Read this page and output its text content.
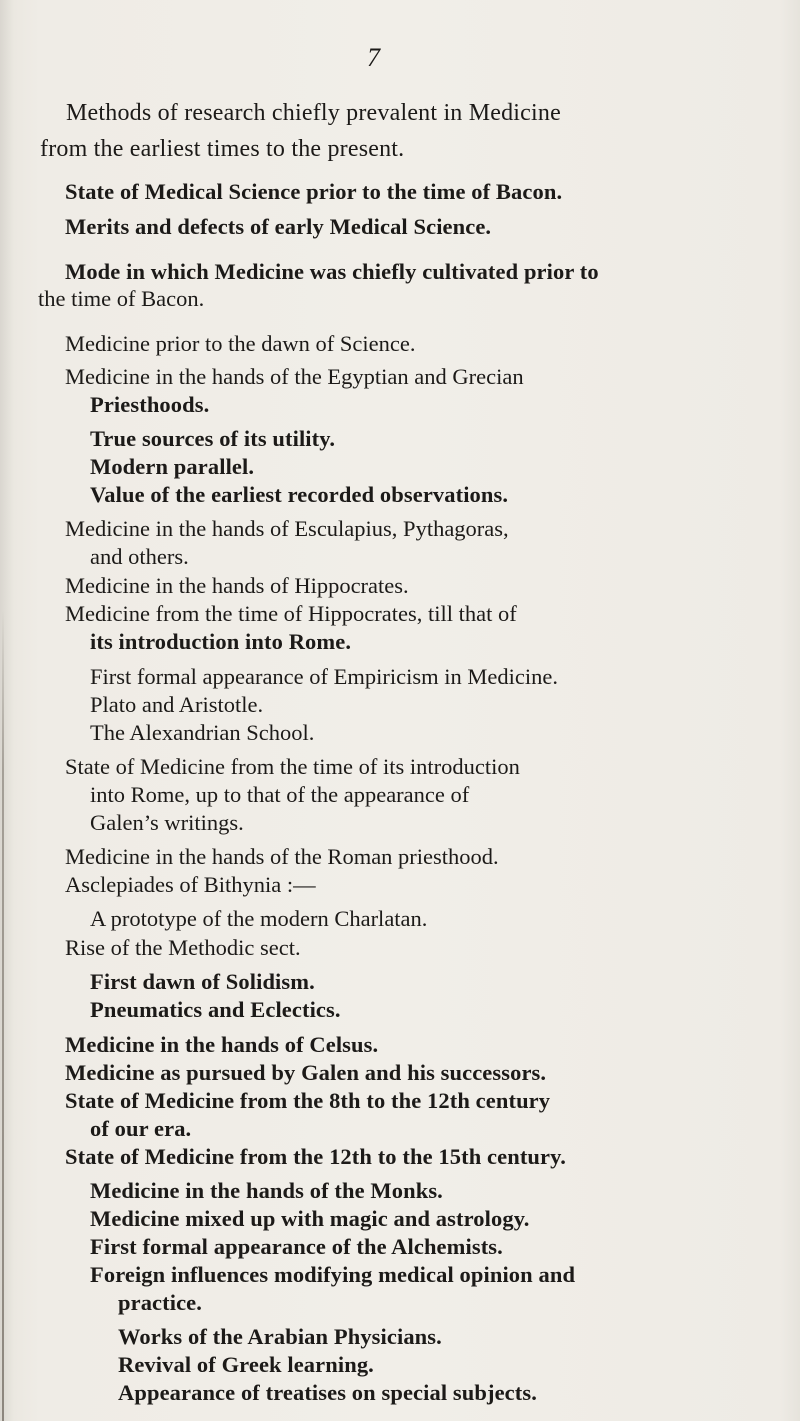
7
Methods of research chiefly prevalent in Medicine
from the earliest times to the present.
State of Medical Science prior to the time of Bacon.
Merits and defects of early Medical Science.
Mode in which Medicine was chiefly cultivated prior to
the time of Bacon.
Medicine prior to the dawn of Science.
Medicine in the hands of the Egyptian and Grecian
Priesthoods.
True sources of its utility.
Modern parallel.
Value of the earliest recorded observations.
Medicine in the hands of Esculapius, Pythagoras,
and others.
Medicine in the hands of Hippocrates.
Medicine from the time of Hippocrates, till that of
its introduction into Rome.
First formal appearance of Empiricism in Medicine.
Plato and Aristotle.
The Alexandrian School.
State of Medicine from the time of its introduction
into Rome, up to that of the appearance of
Galen’s writings.
Medicine in the hands of the Roman priesthood.
Asclepiades of Bithynia :—
A prototype of the modern Charlatan.
Rise of the Methodic sect.
First dawn of Solidism.
Pneumatics and Eclectics.
Medicine in the hands of Celsus.
Medicine as pursued by Galen and his successors.
State of Medicine from the 8th to the 12th century
of our era.
State of Medicine from the 12th to the 15th century.
Medicine in the hands of the Monks.
Medicine mixed up with magic and astrology.
First formal appearance of the Alchemists.
Foreign influences modifying medical opinion and
practice.
Works of the Arabian Physicians.
Revival of Greek learning.
Appearance of treatises on special subjects.
